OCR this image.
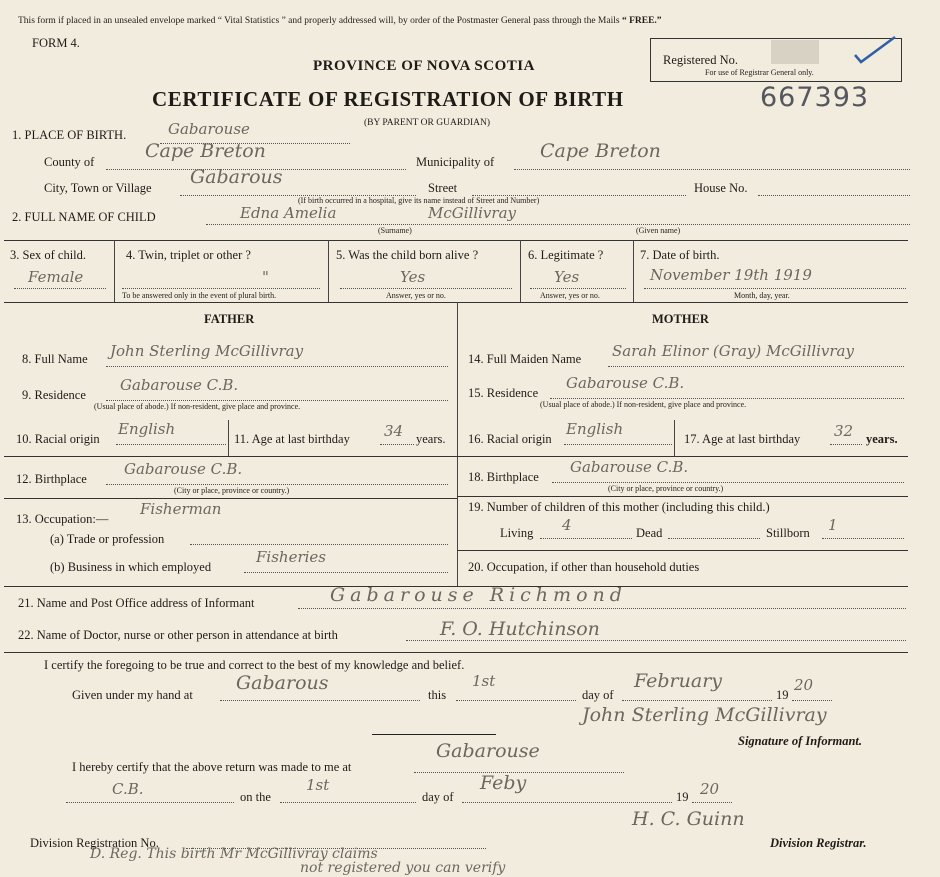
This form if placed in an unsealed envelope marked “ Vital Statistics ” and properly addressed will, by order of the Postmaster General pass through the Mails “ FREE.”
FORM 4.
PROVINCE OF NOVA SCOTIA	Registered No.
For use of Registrar General only.
CERTIFICATE OF REGISTRATION OF BIRTH	667393
(BY PARENT OR GUARDIAN)
1. PLACE OF BIRTH.	Gabarouse
County of	Cape Breton	Municipality of Cape Breton
City, Town or Village Gabarous	Street	House No.
(If birth occurred in a hospital, give its name instead of Street and Number)
2. FULL NAME OF CHILD	Edna Amelia	McGillivray
(Surname)	(Given name)
3. Sex of child.
Female
4. Twin, triplet or other ?
"
To be answered only in the event of plural birth.
5. Was the child born alive ?
Yes
Answer, yes or no.
6. Legitimate ?
Yes
Answer, yes or no.
7. Date of birth.
November 19th 1919
Month, day, year.
FATHER	MOTHER
8. Full Name John Sterling McGillivray
9. Residence
Gabarouse C.B.
(Usual place of abode.) If non-resident, give place and province.
10. Racial origin
English
11. Age at last birthday 34 years.
12. Birthplace
Gabarouse C.B.
(City or place, province or country.)
13. Occupation:—
Fisherman
(a) Trade or profession
(b) Business in which employed
Fisheries
14. Full Maiden Name Sarah Elinor (Gray) McGillivray
15. Residence
Gabarouse C.B.
(Usual place of abode.) If non-resident, give place and province.
16. Racial origin
English
17. Age at last birthday 32 years.
18. Birthplace
Gabarouse C.B.
(City or place, province or country.)
19. Number of children of this mother (including this child.)
Living 4	Dead	Stillborn 1
20. Occupation, if other than household duties
21. Name and Post Office address of Informant	Gabarouse Richmond
22. Name of Doctor, nurse or other person in attendance at birth	F. O. Hutchinson
I certify the foregoing to be true and correct to the best of my knowledge and belief.
Given under my hand at
Gabarous
this
1st
day of
February
19
20
John Sterling McGillivray
Signature of Informant.
I hereby certify that the above return was made to me at
Gabarouse
C.B.	on the
1st
day of
Feby
19 20
Division Registration No.
H. C. Guinn
Division Registrar.
D. Reg. This birth Mr McGillivray claims
not registered you can verify
